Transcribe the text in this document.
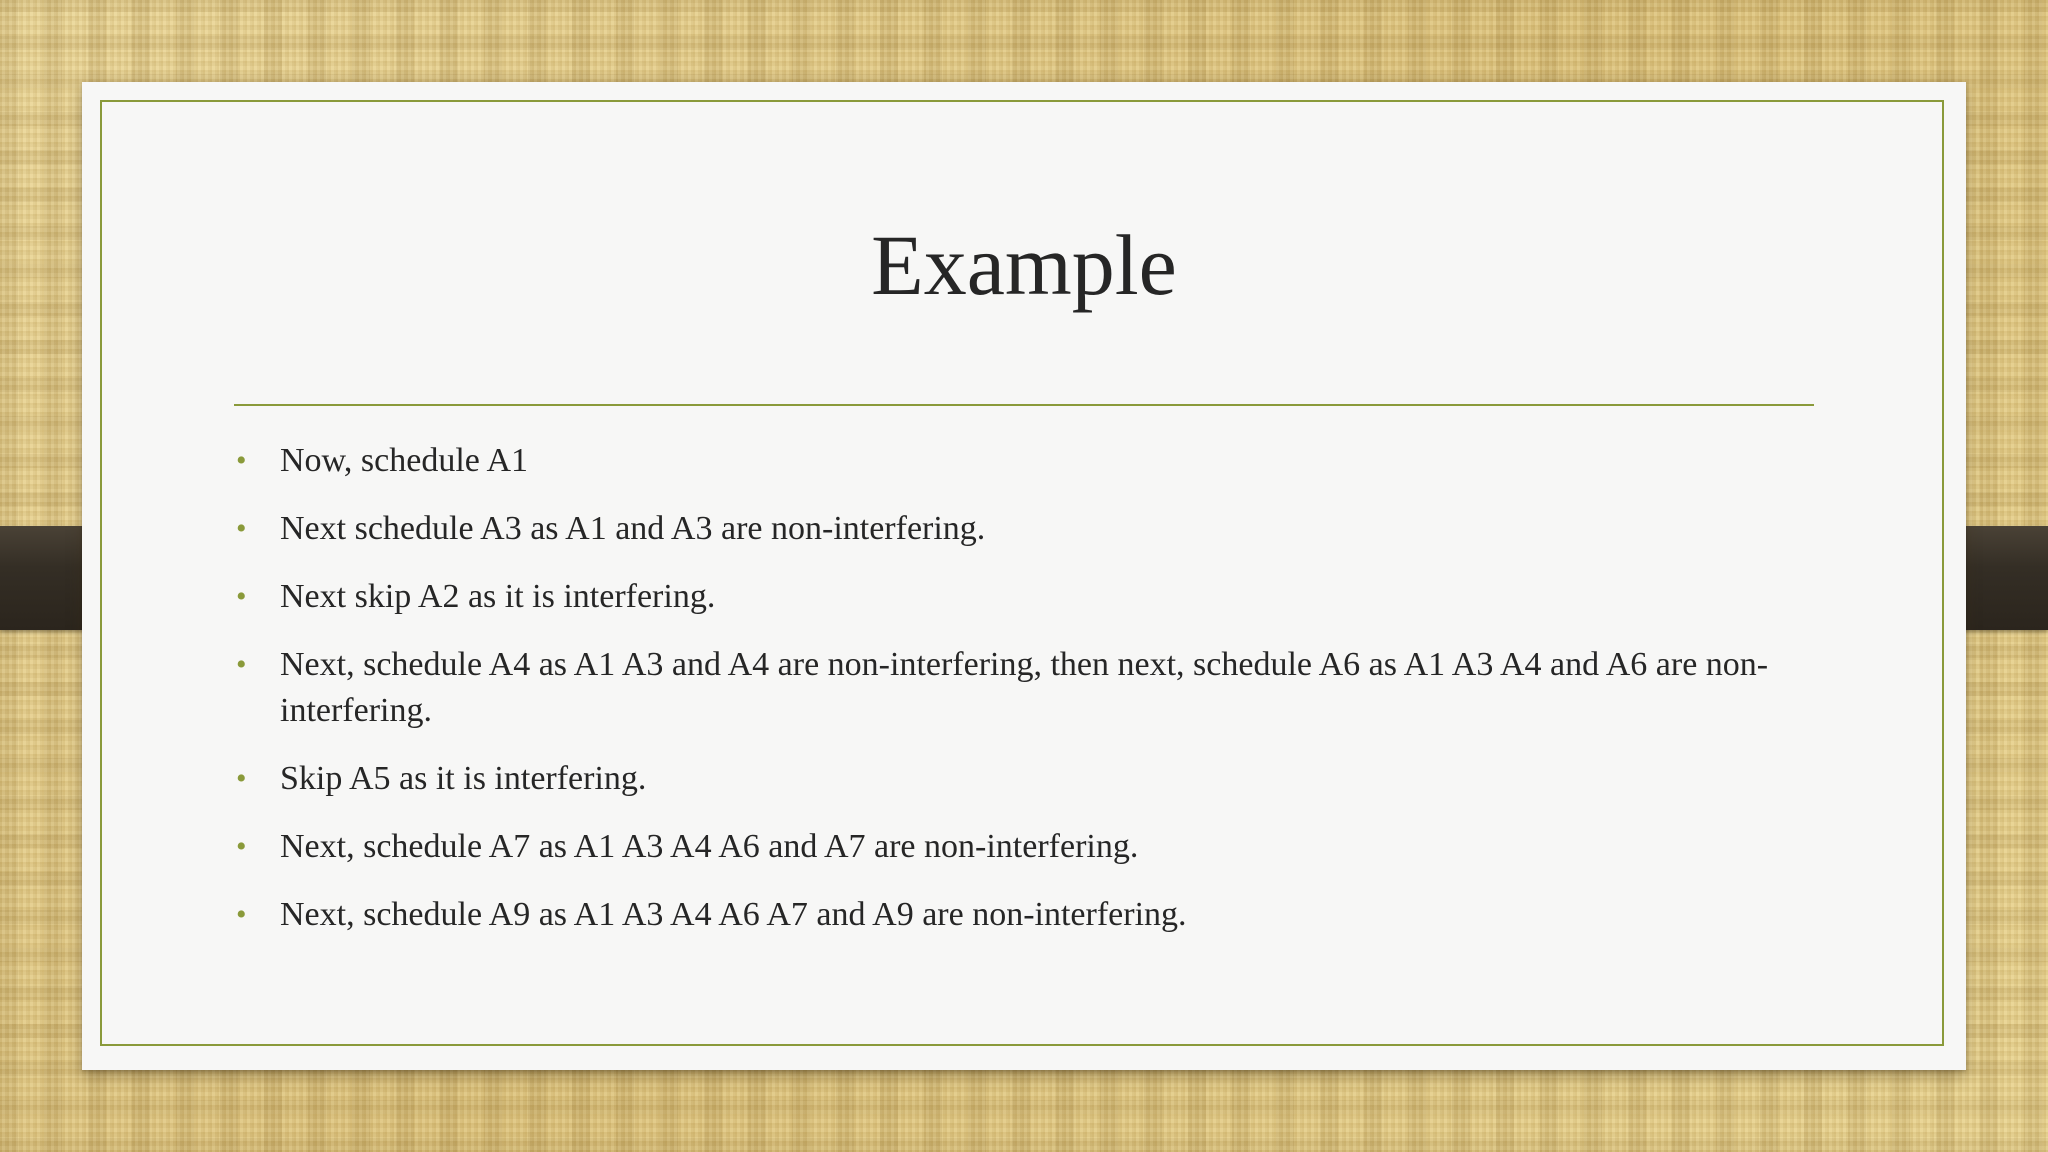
Example
• Now, schedule A1
• Next schedule A3 as A1 and A3 are non-interfering.
• Next skip A2 as it is interfering.
• Next, schedule A4 as A1 A3 and A4 are non-interfering, then next, schedule A6 as A1 A3 A4 and A6 are non-interfering.
• Skip A5 as it is interfering.
• Next, schedule A7 as A1 A3 A4 A6 and A7 are non-interfering.
• Next, schedule A9 as A1 A3 A4 A6 A7 and A9 are non-interfering.
